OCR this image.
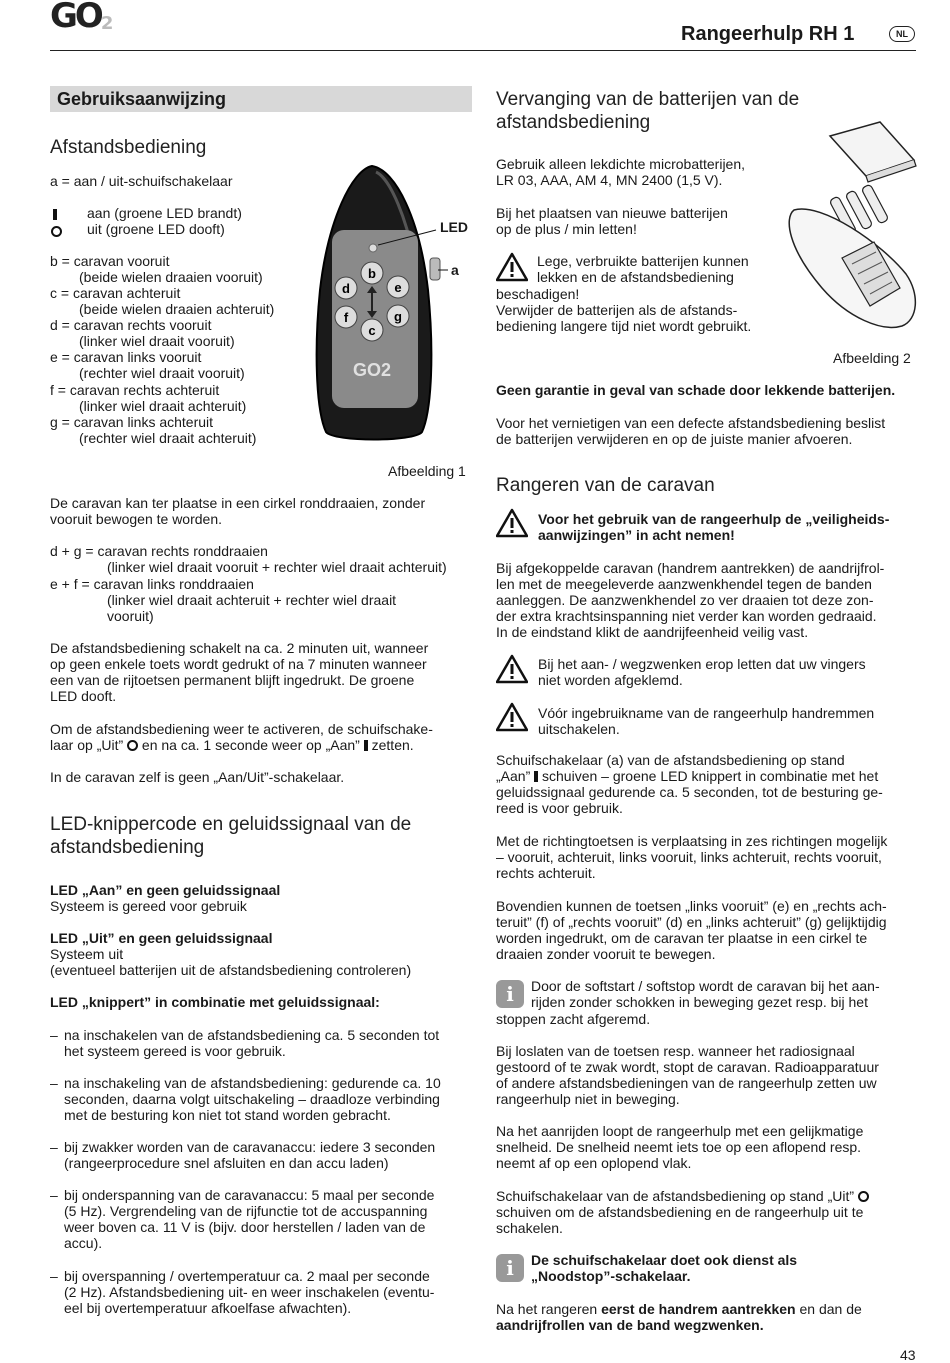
$GO_2$	Rangeerhulp RH 1	NL
Gebruiksaanwijzing
Afstandsbediening
a = aan / uit-schuifschakelaar
aan (groene LED brandt)
uit (groene LED dooft)
b = caravan vooruit
(beide wielen draaien vooruit)
c = caravan achteruit
(beide wielen draaien achteruit)
d = caravan rechts vooruit
(linker wiel draait vooruit)
e = caravan links vooruit
(rechter wiel draait vooruit)
f = caravan rechts achteruit
(linker wiel draait achteruit)
g = caravan links achteruit
(rechter wiel draait achteruit)
b
d	e
f	g
c
GO2
LED
a
Afbeelding 1
De caravan kan ter plaatse in een cirkel ronddraaien, zonder
vooruit bewogen te worden.
d + g = caravan rechts ronddraaien
(linker wiel draait vooruit + rechter wiel draait achteruit)
e + f = caravan links ronddraaien
(linker wiel draait achteruit + rechter wiel draait
vooruit)
De afstandsbediening schakelt na ca. 2 minuten uit, wanneer
op geen enkele toets wordt gedrukt of na 7 minuten wanneer
een van de rijtoetsen permanent blijft ingedrukt. De groene
LED dooft.
Om de afstandsbediening weer te activeren, de schuifschake-
laar op „Uit” en na ca. 1 seconde weer op „Aan” zetten.
In de caravan zelf is geen „Aan/Uit”-schakelaar.
LED-knippercode en geluidssignaal van de
afstandsbediening
LED „Aan” en geen geluidssignaal
Systeem is gereed voor gebruik
LED „Uit” en geen geluidssignaal
Systeem uit
(eventueel batterijen uit de afstandsbediening controleren)
LED „knippert” in combinatie met geluidssignaal:
– na inschakelen van de afstandsbediening ca. 5 seconden tot
het systeem gereed is voor gebruik.
– na inschakeling van de afstandsbediening: gedurende ca. 10
seconden, daarna volgt uitschakeling – draadloze verbinding
met de besturing kon niet tot stand worden gebracht.
– bij zwakker worden van de caravanaccu: iedere 3 seconden
(rangeerprocedure snel afsluiten en dan accu laden)
– bij onderspanning van de caravanaccu: 5 maal per seconde
(5 Hz). Vergrendeling van de rijfunctie tot de accuspanning
weer boven ca. 11 V is (bijv. door herstellen / laden van de
accu).
– bij overspanning / overtemperatuur ca. 2 maal per seconde
(2 Hz). Afstandsbediening uit- en weer inschakelen (eventu-
eel bij overtemperatuur afkoelfase afwachten).
Vervanging van de batterijen van de
afstandsbediening
Gebruik alleen lekdichte microbatterijen,
LR 03, AAA, AM 4, MN 2400 (1,5 V).
Bij het plaatsen van nieuwe batterijen
op de plus / min letten!
Lege, verbruikte batterijen kunnen
lekken en de afstandsbediening
beschadigen!
Verwijder de batterijen als de afstands-
bediening langere tijd niet wordt gebruikt.
Afbeelding 2
Geen garantie in geval van schade door lekkende batterijen.
Voor het vernietigen van een defecte afstandsbediening beslist
de batterijen verwijderen en op de juiste manier afvoeren.
Rangeren van de caravan
Voor het gebruik van de rangeerhulp de „veiligheids-
aanwijzingen” in acht nemen!
Bij afgekoppelde caravan (handrem aantrekken) de aandrijfrol-
len met de meegeleverde aanzwenkhendel tegen de banden
aanleggen. De aanzwenkhendel zo ver draaien tot deze zon-
der extra krachtsinspanning niet verder kan worden gedraaid.
In de eindstand klikt de aandrijfeenheid veilig vast.
Bij het aan- / wegzwenken erop letten dat uw vingers
niet worden afgeklemd.
Vóór ingebruikname van de rangeerhulp handremmen
uitschakelen.
Schuifschakelaar (a) van de afstandsbediening op stand
„Aan” schuiven – groene LED knippert in combinatie met het
geluidssignaal gedurende ca. 5 seconden, tot de besturing ge-
reed is voor gebruik.
Met de richtingtoetsen is verplaatsing in zes richtingen mogelijk
– vooruit, achteruit, links vooruit, links achteruit, rechts vooruit,
rechts achteruit.
Bovendien kunnen de toetsen „links vooruit” (e) en „rechts ach-
teruit” (f) of „rechts vooruit” (d) en „links achteruit” (g) gelijktijdig
worden ingedrukt, om de caravan ter plaatse in een cirkel te
draaien zonder vooruit te bewegen.
i	Door de softstart / softstop wordt de caravan bij het aan-
rijden zonder schokken in beweging gezet resp. bij het
stoppen zacht afgeremd.
Bij loslaten van de toetsen resp. wanneer het radiosignaal
gestoord of te zwak wordt, stopt de caravan. Radioapparatuur
of andere afstandsbedieningen van de rangeerhulp zetten uw
rangeerhulp niet in beweging.
Na het aanrijden loopt de rangeerhulp met een gelijkmatige
snelheid. De snelheid neemt iets toe op een aflopend resp.
neemt af op een oplopend vlak.
Schuifschakelaar van de afstandsbediening op stand „Uit”
schuiven om de afstandsbediening en de rangeerhulp uit te
schakelen.
i	De schuifschakelaar doet ook dienst als
„Noodstop”-schakelaar.
Na het rangeren eerst de handrem aantrekken en dan de
aandrijfrollen van de band wegzwenken.
43
